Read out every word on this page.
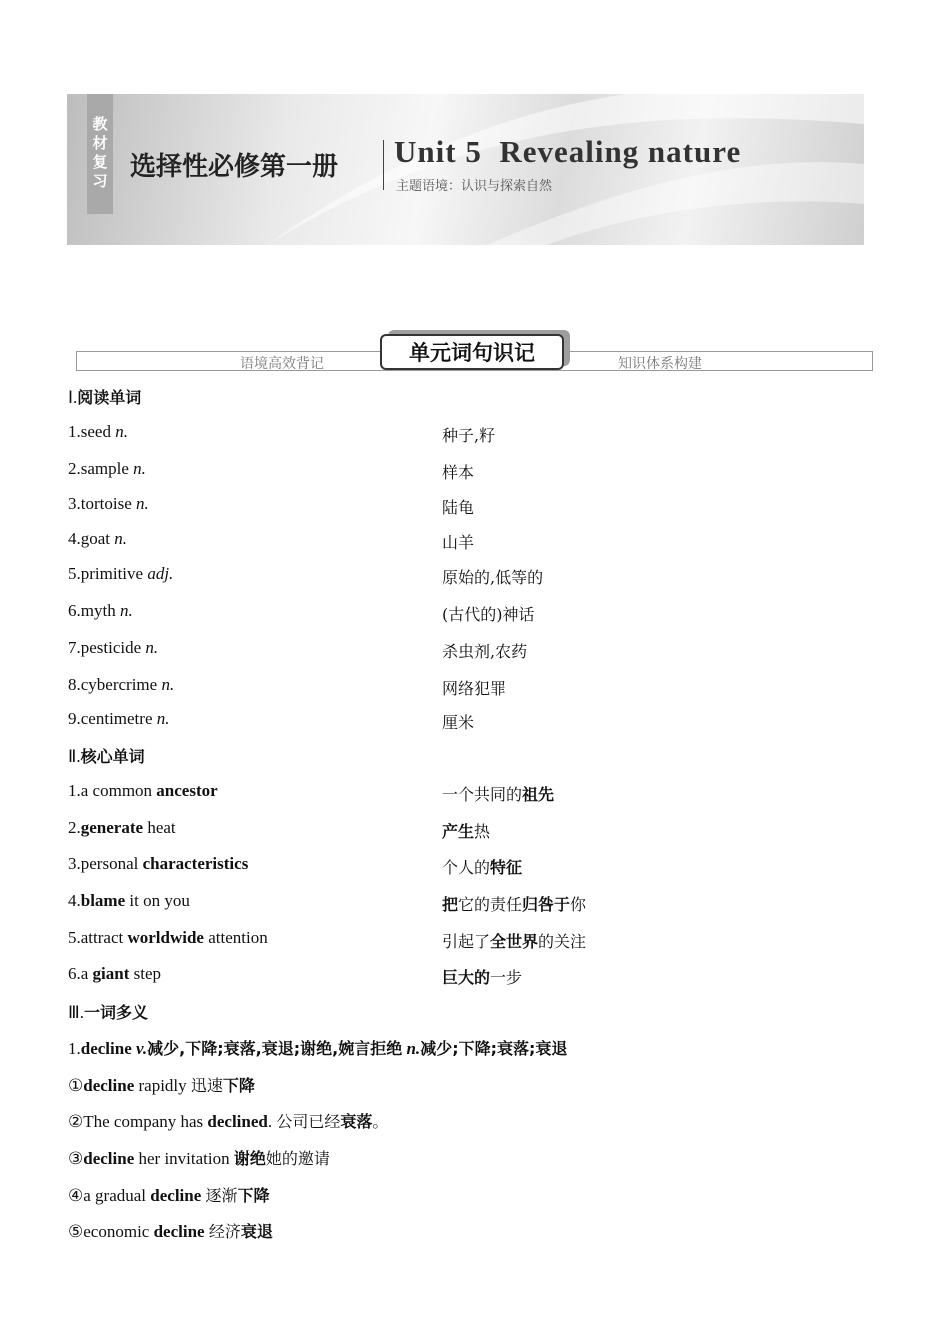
教材复习 选择性必修第一册 Unit 5  Revealing nature
主题语境：认识与探索自然
语境高效背记	知识体系构建
单元词句识记
Ⅰ.阅读单词
1.seed n.	种子,籽
2.sample n.	样本
3.tortoise n.	陆龟
4.goat n.	山羊
5.primitive adj.	原始的,低等的
6.myth n.	(古代的)神话
7.pesticide n.	杀虫剂,农药
8.cybercrime n.	网络犯罪
9.centimetre n.	厘米
Ⅱ.核心单词
1.a common ancestor	一个共同的祖先
2.generate heat	产生热
3.personal characteristics	个人的特征
4.blame it on you	把它的责任归咎于你
5.attract worldwide attention	引起了全世界的关注
6.a giant step	巨大的一步
Ⅲ.一词多义
1.decline v.减少,下降;衰落,衰退;谢绝,婉言拒绝 n.减少;下降;衰落;衰退
①decline rapidly 迅速下降
②The company has declined. 公司已经衰落。
③decline her invitation 谢绝她的邀请
④a gradual decline 逐渐下降
⑤economic decline 经济衰退
